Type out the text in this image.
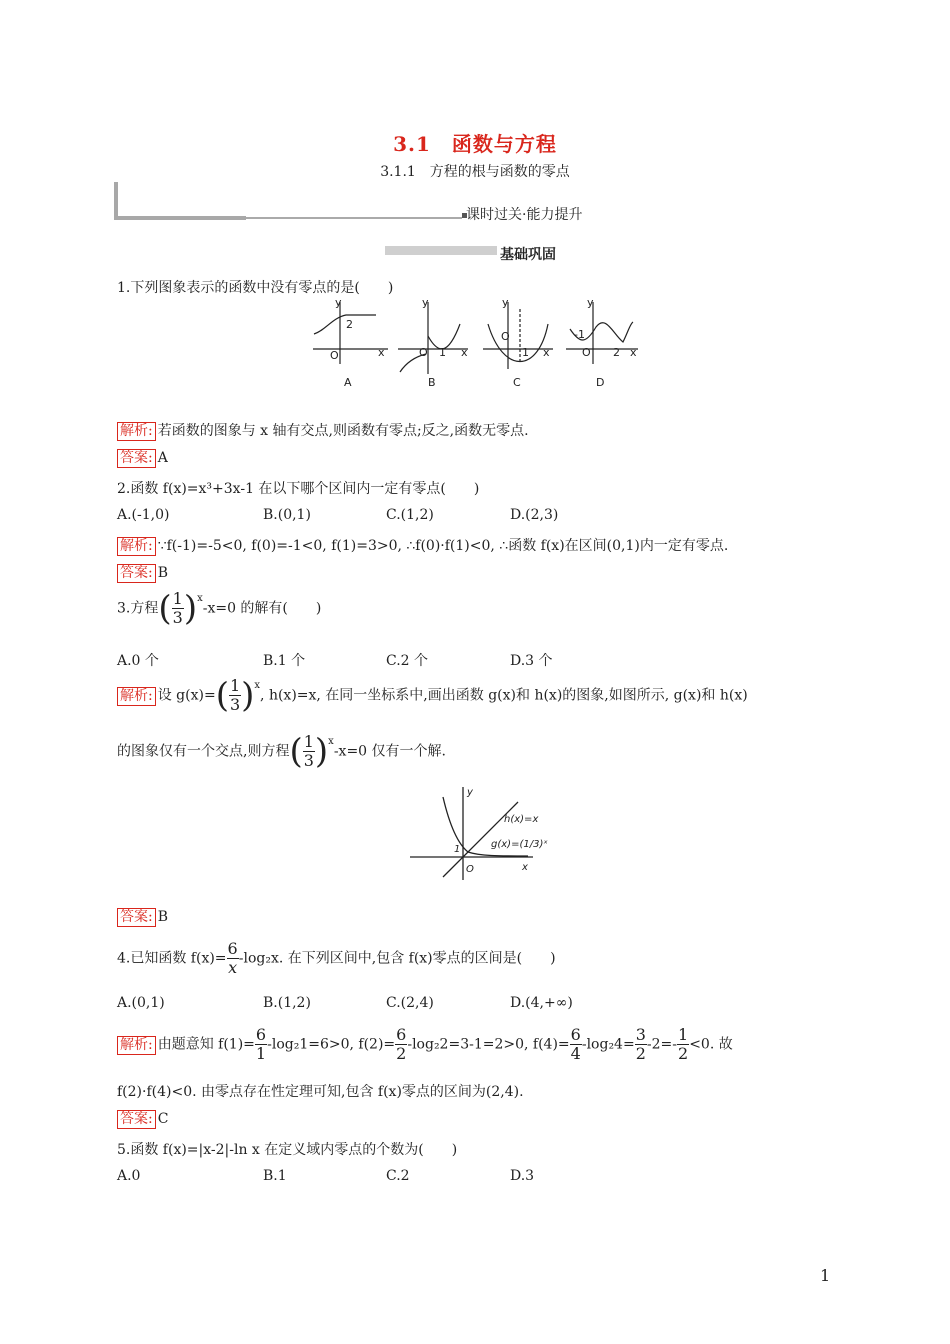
3.1　函数与方程
3.1.1　方程的根与函数的零点
课时过关·能力提升
基础巩固
1.下列图象表示的函数中没有零点的是(　　)
y
2
O	x
A
y
O 1 x
B
y
O
1 x
C
y
-1
O 2 x
D
解析: 若函数的图象与 x 轴有交点,则函数有零点;反之,函数无零点.
答案: A
2.函数 f(x)=x³+3x-1 在以下哪个区间内一定有零点(　　)
A.(-1,0)	B.(0,1)	C.(1,2)	D.(2,3)
解析: ∵f(-1)=-5<0, f(0)=-1<0, f(1)=3>0, ∴f(0)·f(1)<0, ∴函数 f(x)在区间(0,1)内一定有零点.
答案: B
3.方程( $\frac{1}{3} )^x-x=0$ 的解有(　　)
A.0 个	B.1 个	C.2 个	D.3 个
解析: 设 $g(x)=( \frac{1}{3} )^x$, h(x)=x, 在同一坐标系中,画出函数 g(x)和 h(x)的图象,如图所示, g(x)和 h(x)
的图象仅有一个交点,则方程( $\frac{1}{3} )^x-x=0$ 仅有一个解.
y
x
O
1
h(x)=x
g(x)=(1/3)ˣ
答案: B
4.已知函数 $f(x)= \frac{6}{x} -\log_2x$. 在下列区间中,包含 f(x)零点的区间是(　　)
A.(0,1)	B.(1,2)	C.(2,4)	D.(4,+∞)
解析: 由题意知 $f(1)= \frac{6}{1} -\log_21=6>0$, $f(2)= \frac{6}{2} -\log_22=3-1=2>0$, $f(4)= \frac{6}{4} -\log_24= \frac{3}{2} -2=- \frac{1}{2} <0$. 故
f(2)·f(4)<0. 由零点存在性定理可知,包含 f(x)零点的区间为(2,4).
答案: C
5.函数 f(x)=|x-2|-ln x 在定义域内零点的个数为(　　)
A.0	B.1	C.2	D.3
1
